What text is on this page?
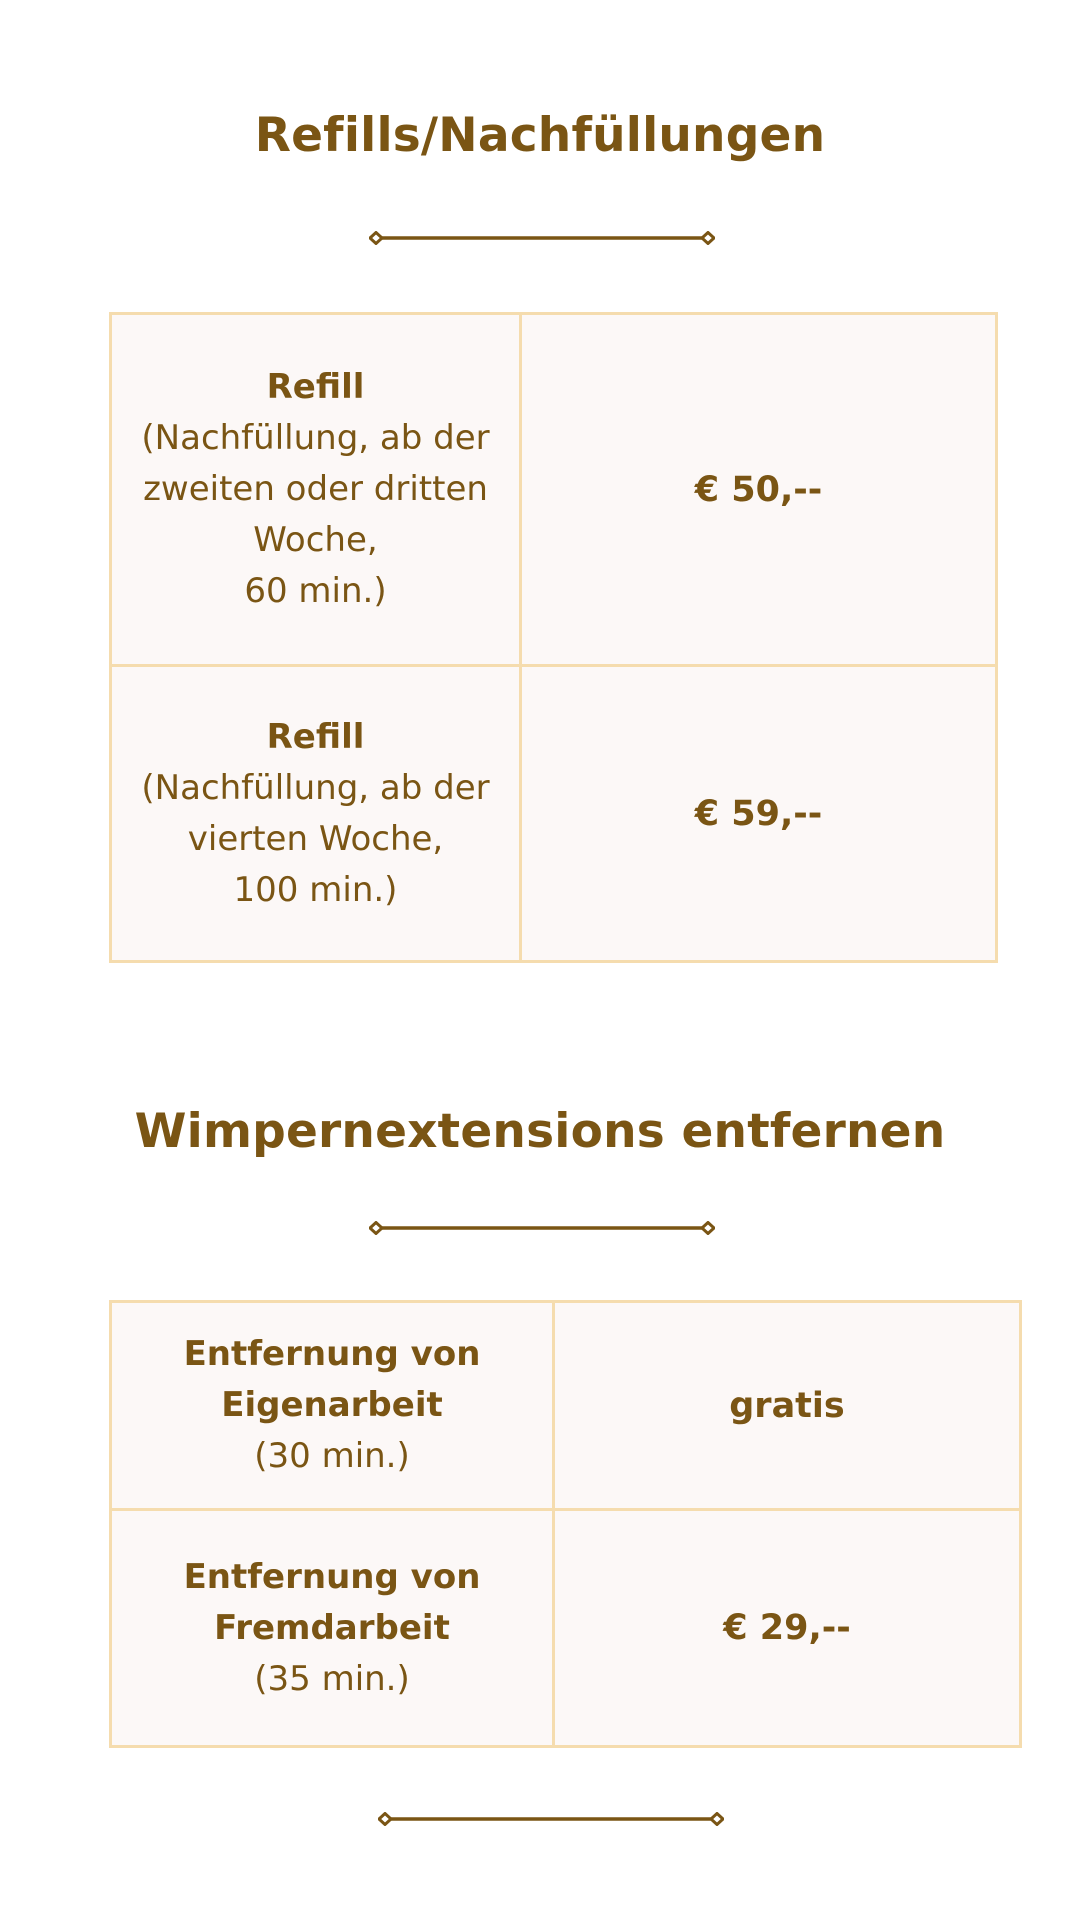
Refills/Nachfüllungen
Refill
(Nachfüllung, ab der
zweiten oder dritten
Woche,
60 min.)
€ 50,--
Refill
(Nachfüllung, ab der
vierten Woche,
100 min.)
€ 59,--
Wimpernextensions entfernen
Entfernung von
Eigenarbeit
(30 min.)
gratis
Entfernung von
Fremdarbeit
(35 min.)
€ 29,--
